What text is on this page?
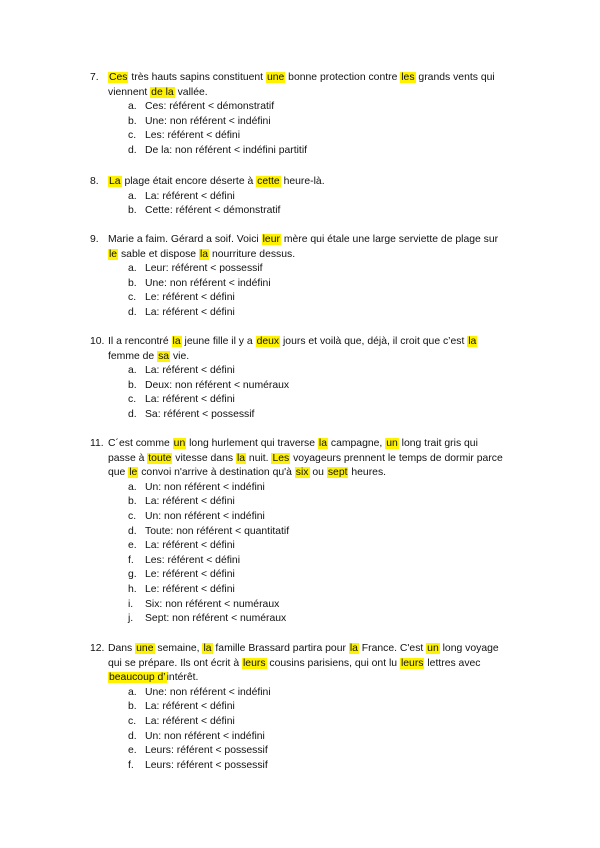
7. Ces très hauts sapins constituent une bonne protection contre les grands vents qui
viennent de la vallée.
a. Ces: référent < démonstratif
b. Une: non référent < indéfini
c. Les: référent < défini
d. De la: non référent < indéfini partitif
8. La plage était encore déserte à cette heure-là.
a. La: référent < défini
b. Cette: référent < démonstratif
9. Marie a faim. Gérard a soif. Voici leur mère qui étale une large serviette de plage sur
le sable et dispose la nourriture dessus.
a. Leur: référent < possessif
b. Une: non référent < indéfini
c. Le: référent < défini
d. La: référent < défini
10. Il a rencontré la jeune fille il y a deux jours et voilà que, déjà, il croit que c’est la
femme de sa vie.
a. La: référent < défini
b. Deux: non référent < numéraux
c. La: référent < défini
d. Sa: référent < possessif
11. C´est comme un long hurlement qui traverse la campagne, un long trait gris qui
passe à toute vitesse dans la nuit. Les voyageurs prennent le temps de dormir parce
que le convoi n'arrive à destination qu'à six ou sept heures.
a. Un: non référent < indéfini
b. La: référent < défini
c. Un: non référent < indéfini
d. Toute: non référent < quantitatif
e. La: référent < défini
f. Les: référent < défini
g. Le: référent < défini
h. Le: référent < défini
i. Six: non référent < numéraux
j. Sept: non référent < numéraux
12. Dans une semaine, la famille Brassard partira pour la France. C'est un long voyage
qui se prépare. Ils ont écrit à leurs cousins parisiens, qui ont lu leurs lettres avec
beaucoup d’intérêt.
a. Une: non référent < indéfini
b. La: référent < défini
c. La: référent < défini
d. Un: non référent < indéfini
e. Leurs: référent < possessif
f. Leurs: référent < possessif
